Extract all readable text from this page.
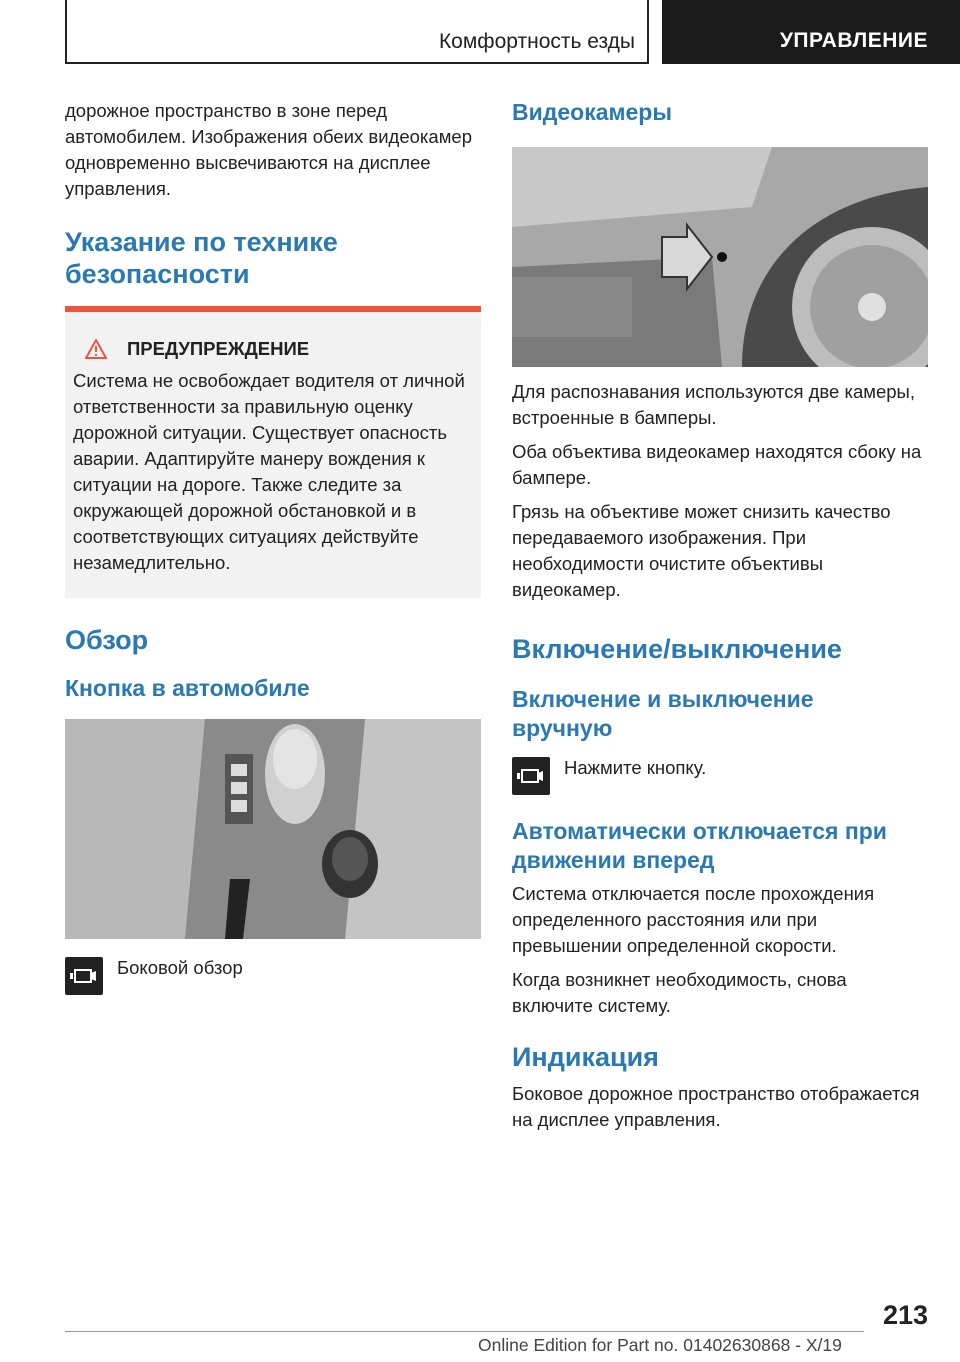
Комфортность езды	УПРАВЛЕНИЕ

дорожное пространство в зоне перед автомобилем. Изображения обеих видеокамер одновременно высвечиваются на дисплее управления.

Указание по технике безопасности
ПРЕДУПРЕЖДЕНИЕ

Система не освобождает водителя от личной ответственности за правильную оценку дорожной ситуации. Существует опасность аварии. Адаптируйте манеру вождения к ситуации на дороге. Также следите за окружающей дорожной обстановкой и в соответствующих ситуациях действуйте незамедлительно.

Обзор
Кнопка в автомобиле

Боковой обзор

Видеокамеры

Для распознавания используются две камеры, встроенные в бамперы.

Оба объектива видеокамер находятся сбоку на бампере.

Грязь на объективе может снизить качество передаваемого изображения. При необходимости очистите объективы видеокамер.

Включение/выключение
Включение и выключение вручную

Нажмите кнопку.

Автоматически отключается при движении вперед

Система отключается после прохождения определенного расстояния или при превышении определенной скорости.

Когда возникнет необходимость, снова включите систему.

Индикация

Боковое дорожное пространство отображается на дисплее управления.

213
Online Edition for Part no. 01402630868 - X/19
